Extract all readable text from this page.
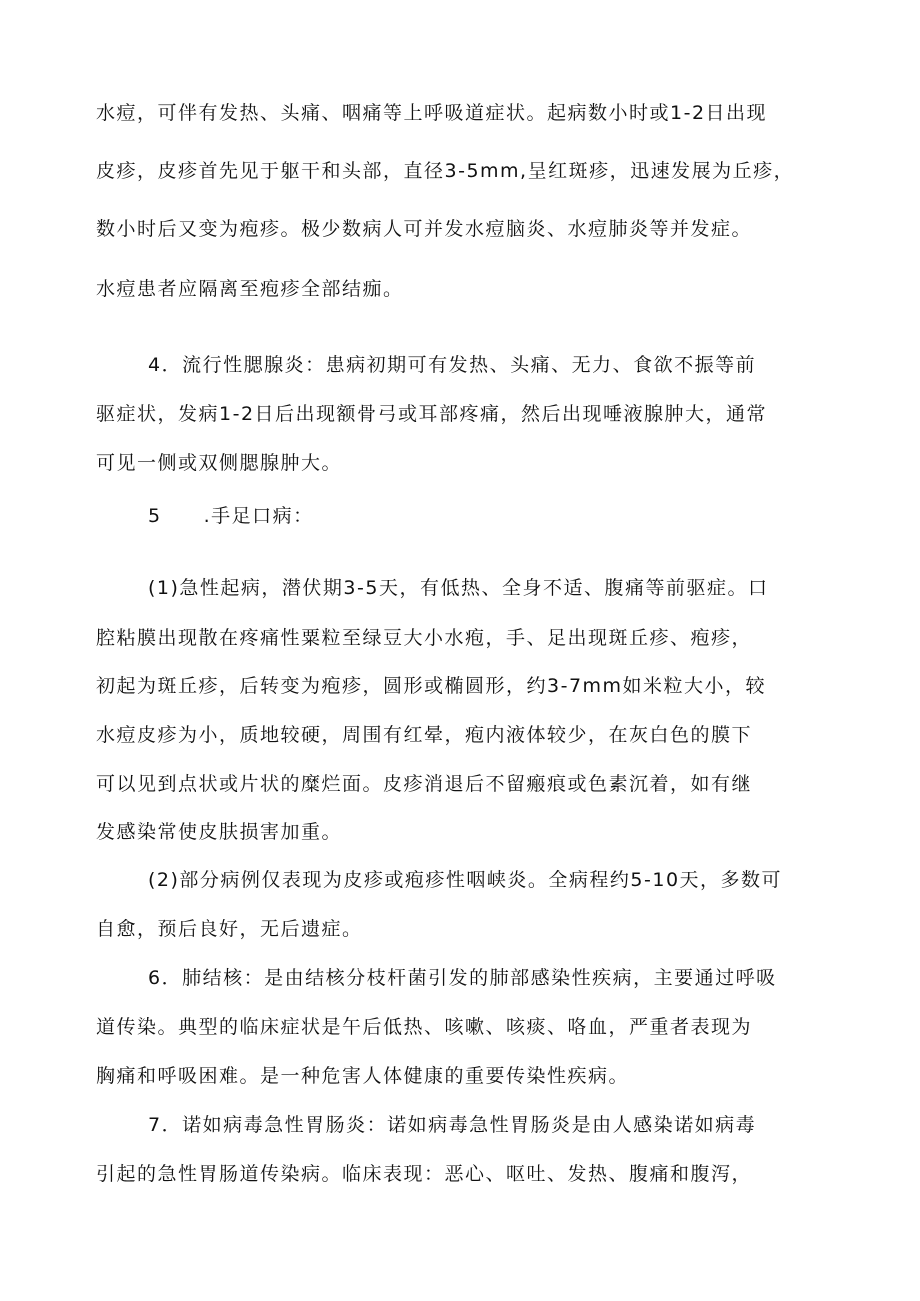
水痘，可伴有发热、头痛、咽痛等上呼吸道症状。起病数小时或1-2日出现
皮疹，皮疹首先见于躯干和头部，直径3-5mm,呈红斑疹，迅速发展为丘疹，
数小时后又变为疱疹。极少数病人可并发水痘脑炎、水痘肺炎等并发症。
水痘患者应隔离至疱疹全部结痂。
4．流行性腮腺炎：患病初期可有发热、头痛、无力、食欲不振等前
驱症状，发病1-2日后出现额骨弓或耳部疼痛，然后出现唾液腺肿大，通常
可见一侧或双侧腮腺肿大。
5 .手足口病：
(1)急性起病，潜伏期3-5天，有低热、全身不适、腹痛等前驱症。口
腔粘膜出现散在疼痛性粟粒至绿豆大小水疱，手、足出现斑丘疹、疱疹，
初起为斑丘疹，后转变为疱疹，圆形或椭圆形，约3-7mm如米粒大小，较
水痘皮疹为小，质地较硬，周围有红晕，疱内液体较少，在灰白色的膜下
可以见到点状或片状的糜烂面。皮疹消退后不留瘢痕或色素沉着，如有继
发感染常使皮肤损害加重。
(2)部分病例仅表现为皮疹或疱疹性咽峡炎。全病程约5-10天，多数可
自愈，预后良好，无后遗症。
6．肺结核：是由结核分枝杆菌引发的肺部感染性疾病，主要通过呼吸
道传染。典型的临床症状是午后低热、咳嗽、咳痰、咯血，严重者表现为
胸痛和呼吸困难。是一种危害人体健康的重要传染性疾病。
7．诺如病毒急性胃肠炎：诺如病毒急性胃肠炎是由人感染诺如病毒
引起的急性胃肠道传染病。临床表现：恶心、呕吐、发热、腹痛和腹泻，
